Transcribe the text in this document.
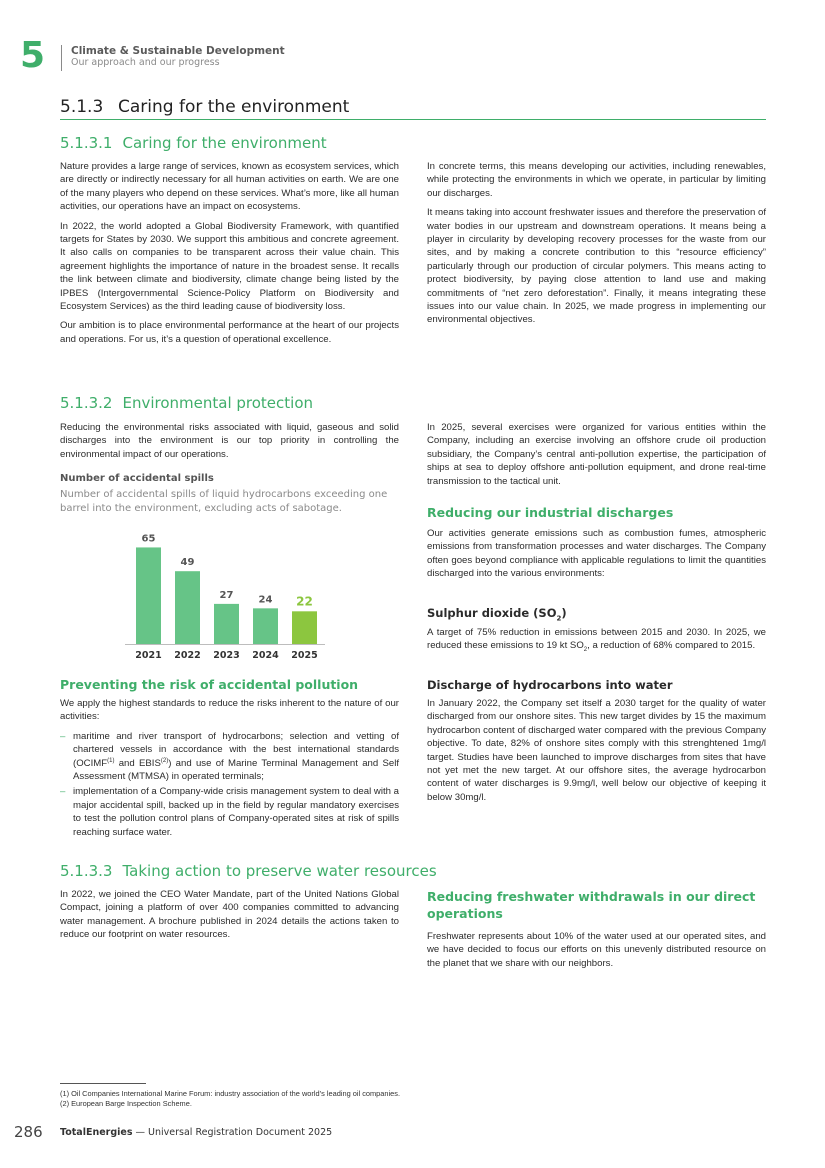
5 Climate & Sustainable Development
Our approach and our progress
5.1.3 Caring for the environment
5.1.3.1 Caring for the environment

Nature provides a large range of services, known as ecosystem services, which are directly or indirectly necessary for all human activities on earth. We are one of the many players who depend on these services. What’s more, like all human activities, our operations have an impact on ecosystems.

In 2022, the world adopted a Global Biodiversity Framework, with quantified targets for States by 2030. We support this ambitious and concrete agreement. It also calls on companies to be transparent across their value chain. This agreement highlights the importance of nature in the broadest sense. It recalls the link between climate and biodiversity, climate change being listed by the IPBES (Intergovernmental Science-Policy Platform on Biodiversity and Ecosystem Services) as the third leading cause of biodiversity loss.

Our ambition is to place environmental performance at the heart of our projects and operations. For us, it’s a question of operational excellence.

In concrete terms, this means developing our activities, including renewables, while protecting the environments in which we operate, in particular by limiting our discharges.

It means taking into account freshwater issues and therefore the preservation of water bodies in our upstream and downstream operations. It means being a player in circularity by developing recovery processes for the waste from our sites, and by making a concrete contribution to this “resource efficiency” particularly through our production of circular polymers. This means acting to protect biodiversity, by paying close attention to land use and making commitments of “net zero deforestation”. Finally, it means integrating these issues into our value chain. In 2025, we made progress in implementing our environmental objectives.

5.1.3.2 Environmental protection

Reducing the environmental risks associated with liquid, gaseous and solid discharges into the environment is our top priority in controlling the environmental impact of our operations.

Number of accidental spills
Number of accidental spills of liquid hydrocarbons exceeding one barrel into the environment, excluding acts of sabotage.
65
2021
49
2022
27
2023
24
2024
22
2025
Preventing the risk of accidental pollution

We apply the highest standards to reduce the risks inherent to the nature of our activities:

– maritime and river transport of hydrocarbons; selection and vetting of chartered vessels in accordance with the best international standards (OCIMF$^{(1)}$ and EBIS$^{(2)}$) and use of Marine Terminal Management and Self Assessment (MTMSA) in operated terminals;
– implementation of a Company-wide crisis management system to deal with a major accidental spill, backed up in the field by regular mandatory exercises to test the pollution control plans of Company-operated sites at risk of spills reaching surface water.

In 2025, several exercises were organized for various entities within the Company, including an exercise involving an offshore crude oil production subsidiary, the Company’s central anti-pollution expertise, the participation of ships at sea to deploy offshore anti-pollution equipment, and drone real-time transmission to the tactical unit.

Reducing our industrial discharges

Our activities generate emissions such as combustion fumes, atmospheric emissions from transformation processes and water discharges. The Company often goes beyond compliance with applicable regulations to limit the quantities discharged into the various environments:

Sulphur dioxide $(SO_2)$

A target of 75% reduction in emissions between 2015 and 2030. In 2025, we reduced these emissions to 19 kt $SO_2$, a reduction of 68% compared to 2015.

Discharge of hydrocarbons into water

In January 2022, the Company set itself a 2030 target for the quality of water discharged from our onshore sites. This new target divides by 15 the maximum hydrocarbon content of discharged water compared with the previous Company objective. To date, 82% of onshore sites comply with this strenghtened 1mg/l target. Studies have been launched to improve discharges from sites that have not yet met the new target. At our offshore sites, the average hydrocarbon content of water discharges is 9.9mg/l, well below our objective of keeping it below 30mg/l.

5.1.3.3 Taking action to preserve water resources

In 2022, we joined the CEO Water Mandate, part of the United Nations Global Compact, joining a platform of over 400 companies committed to advancing water management. A brochure published in 2024 details the actions taken to reduce our footprint on water resources.

Reducing freshwater withdrawals in our direct operations

Freshwater represents about 10% of the water used at our operated sites, and we have decided to focus our efforts on this unevenly distributed resource on the planet that we share with our neighbors.

(1) Oil Companies International Marine Forum: industry association of the world’s leading oil companies.
(2) European Barge Inspection Scheme.
286 TotalEnergies — Universal Registration Document 2025
